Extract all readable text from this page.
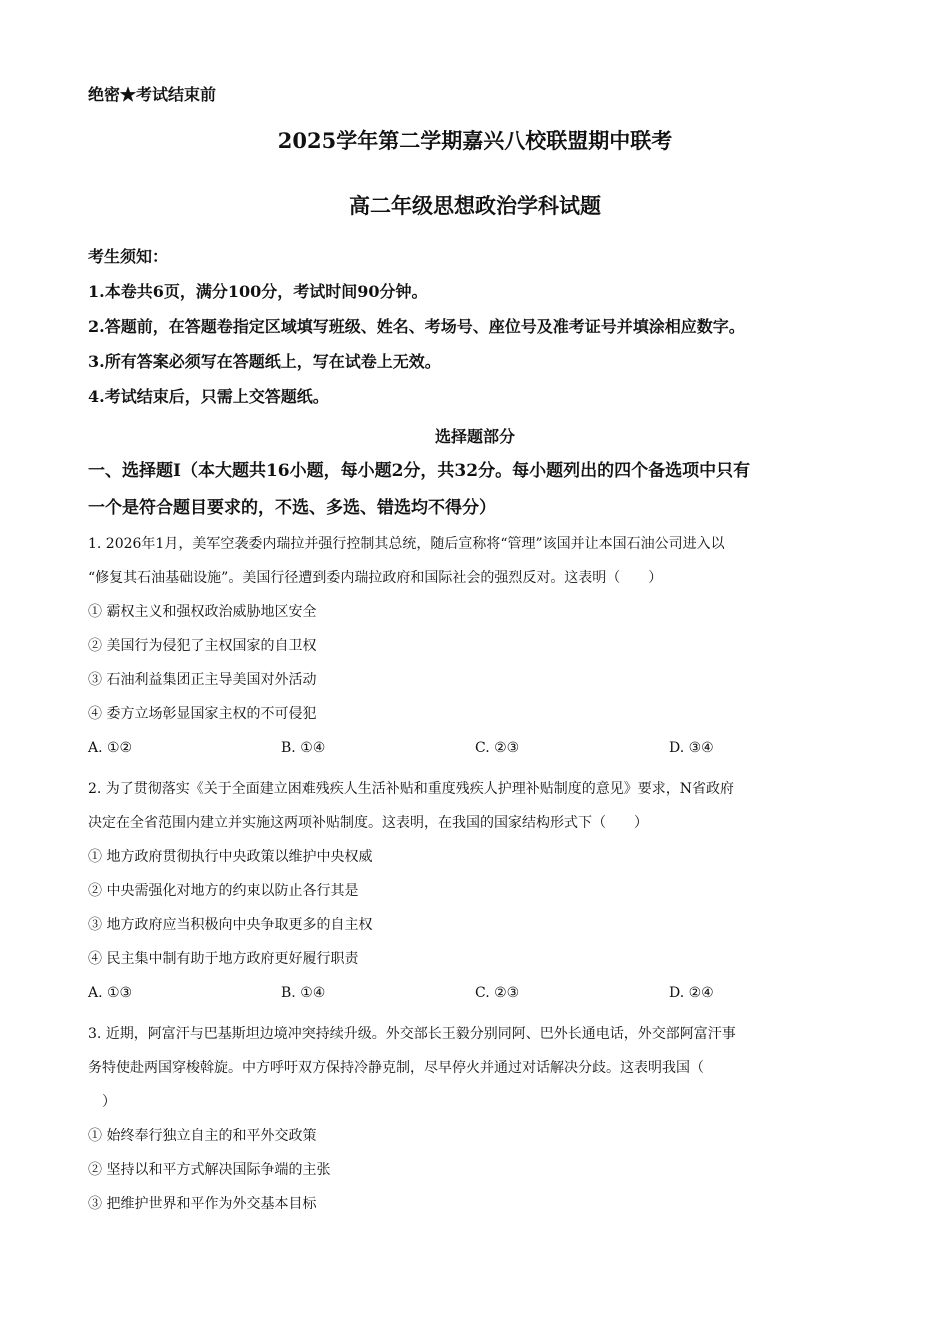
绝密★考试结束前
2025学年第二学期嘉兴八校联盟期中联考
高二年级思想政治学科试题
考生须知：
1.本卷共6页，满分100分，考试时间90分钟。
2.答题前，在答题卷指定区域填写班级、姓名、考场号、座位号及准考证号并填涂相应数字。
3.所有答案必须写在答题纸上，写在试卷上无效。
4.考试结束后，只需上交答题纸。
选择题部分
一、选择题Ⅰ（本大题共16小题，每小题2分，共32分。每小题列出的四个备选项中只有
一个是符合题目要求的，不选、多选、错选均不得分）
1. 2026年1月，美军空袭委内瑞拉并强行控制其总统，随后宣称将“管理”该国并让本国石油公司进入以
“修复其石油基础设施”。美国行径遭到委内瑞拉政府和国际社会的强烈反对。这表明（　　）
① 霸权主义和强权政治威胁地区安全
② 美国行为侵犯了主权国家的自卫权
③ 石油利益集团正主导美国对外活动
④ 委方立场彰显国家主权的不可侵犯
A. ①②	B. ①④	C. ②③	D. ③④
2. 为了贯彻落实《关于全面建立困难残疾人生活补贴和重度残疾人护理补贴制度的意见》要求，N省政府
决定在全省范围内建立并实施这两项补贴制度。这表明，在我国的国家结构形式下（　　）
① 地方政府贯彻执行中央政策以维护中央权威
② 中央需强化对地方的约束以防止各行其是
③ 地方政府应当积极向中央争取更多的自主权
④ 民主集中制有助于地方政府更好履行职责
A. ①③	B. ①④	C. ②③	D. ②④
3. 近期，阿富汗与巴基斯坦边境冲突持续升级。外交部长王毅分别同阿、巴外长通电话，外交部阿富汗事
务特使赴两国穿梭斡旋。中方呼吁双方保持冷静克制，尽早停火并通过对话解决分歧。这表明我国（
　）
① 始终奉行独立自主的和平外交政策
② 坚持以和平方式解决国际争端的主张
③ 把维护世界和平作为外交基本目标
